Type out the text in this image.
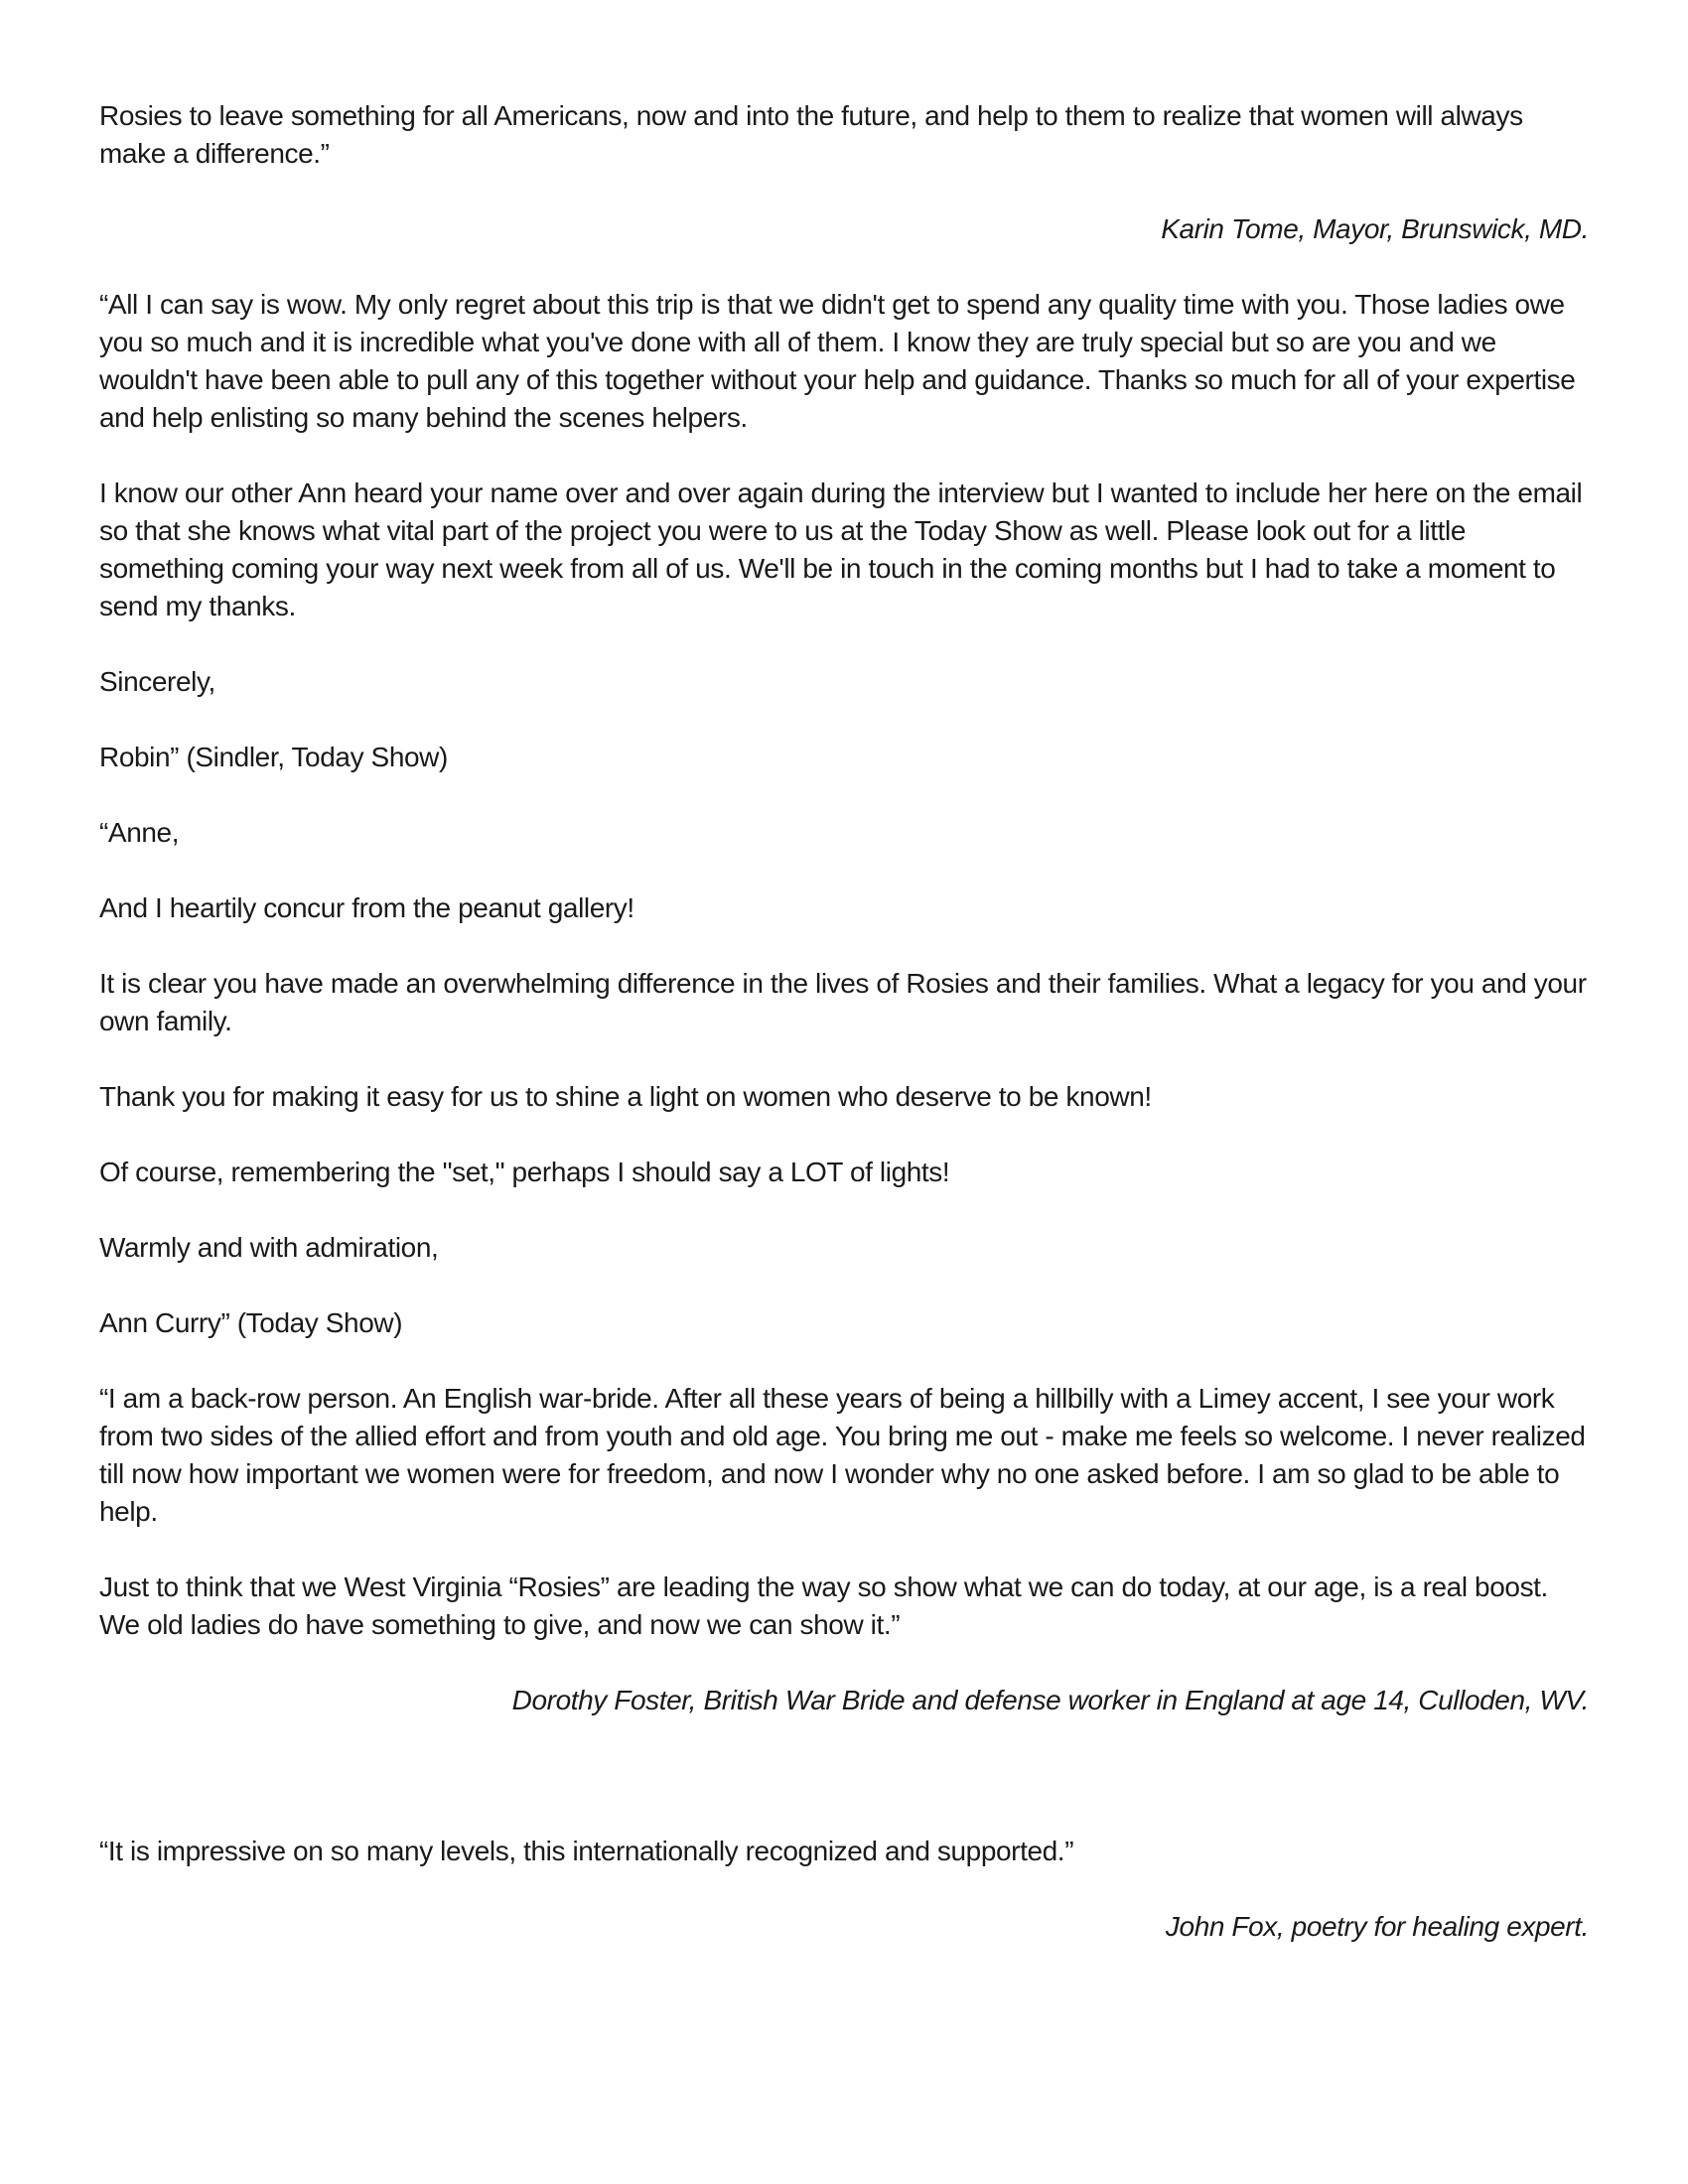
Rosies to leave something for all Americans, now and into the future, and help to them to realize that women will always make a difference.”

Karin Tome, Mayor, Brunswick, MD.

“All I can say is wow. My only regret about this trip is that we didn't get to spend any quality time with you. Those ladies owe you so much and it is incredible what you've done with all of them. I know they are truly special but so are you and we wouldn't have been able to pull any of this together without your help and guidance. Thanks so much for all of your expertise and help enlisting so many behind the scenes helpers.

I know our other Ann heard your name over and over again during the interview but I wanted to include her here on the email so that she knows what vital part of the project you were to us at the Today Show as well. Please look out for a little something coming your way next week from all of us. We'll be in touch in the coming months but I had to take a moment to send my thanks.

Sincerely,

Robin” (Sindler, Today Show)

“Anne,

And I heartily concur from the peanut gallery!

It is clear you have made an overwhelming difference in the lives of Rosies and their families. What a legacy for you and your own family.

Thank you for making it easy for us to shine a light on women who deserve to be known!

Of course, remembering the "set," perhaps I should say a LOT of lights!

Warmly and with admiration,

Ann Curry” (Today Show)

“I am a back-row person. An English war-bride. After all these years of being a hillbilly with a Limey accent, I see your work from two sides of the allied effort and from youth and old age. You bring me out - make me feels so welcome. I never realized till now how important we women were for freedom, and now I wonder why no one asked before. I am so glad to be able to help.

Just to think that we West Virginia “Rosies” are leading the way so show what we can do today, at our age, is a real boost. We old ladies do have something to give, and now we can show it.”

Dorothy Foster, British War Bride and defense worker in England at age 14, Culloden, WV.

“It is impressive on so many levels, this internationally recognized and supported.”

John Fox, poetry for healing expert.
